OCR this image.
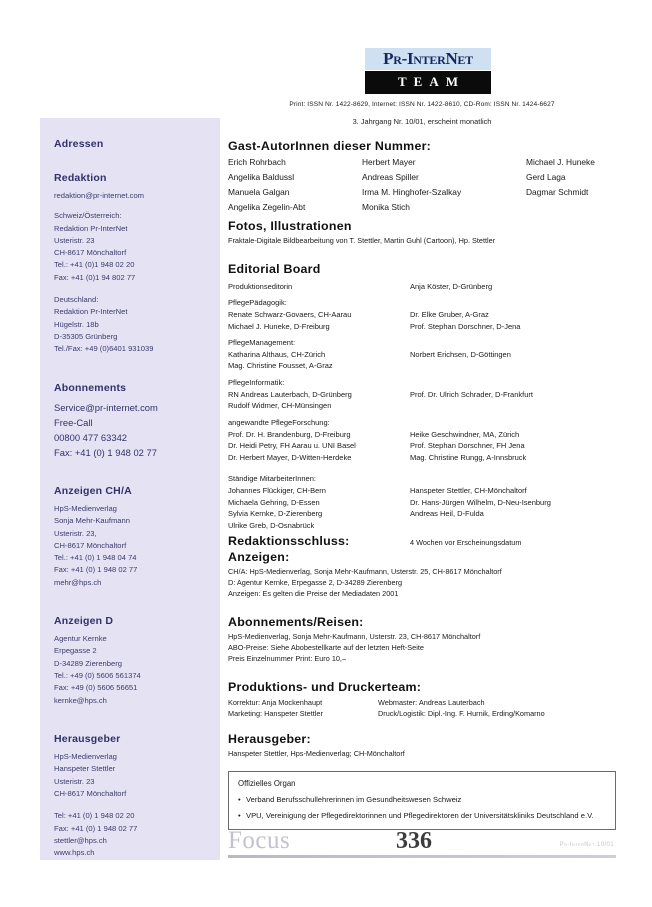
Adressen
Redaktion
redaktion@pr-internet.com
Schweiz/Österreich:
Redaktion Pr-InterNet
Usteristr. 23
CH-8617 Mönchaltorf
Tel.: +41 (0)1 948 02 20
Fax: +41 (0)1 94 802 77
Deutschland:
Redaktion Pr-InterNet
Hügelstr. 18b
D-35305 Grünberg
Tel./Fax: +49 (0)6401 931039
Abonnements
Service@pr-internet.com
Free-Call
00800 477 63342
Fax: +41 (0) 1 948 02 77
Anzeigen CH/A
HpS-Medienverlag
Sonja Mehr-Kaufmann
Usteristr. 23,
CH-8617 Mönchaltorf
Tel.: +41 (0) 1 948 04 74
Fax: +41 (0) 1 948 02 77
mehr@hps.ch
Anzeigen D
Agentur Kernke
Erpegasse 2
D-34289 Zierenberg
Tel.: +49 (0) 5606 561374
Fax: +49 (0) 5606 56651
kernke@hps.ch
Herausgeber
HpS-Medienverlag
Hanspeter Stettler
Usteristr. 23
CH-8617 Mönchaltorf
Tel: +41 (0) 1 948 02 20
Fax: +41 (0) 1 948 02 77
stettler@hps.ch
www.hps.ch
Pr-InterNet
TEAM
Print: ISSN Nr. 1422-8629, Internet: ISSN Nr. 1422-8610, CD-Rom: ISSN Nr. 1424-6627
3. Jahrgang Nr. 10/01, erscheint monatlich
Gast-AutorInnen dieser Nummer:
Erich Rohrbach	Herbert Mayer	Michael J. Huneke
Angelika Baldussl	Andreas Spiller	Gerd Laga
Manuela Galgan	Irma M. Hinghofer-Szalkay	Dagmar Schmidt
Angelika Zegelin-Abt	Monika Stich
Fotos, Illustrationen
Fraktale-Digitale Bildbearbeitung von T. Stettler, Martin Guhl (Cartoon), Hp. Stettler
Editorial Board
Produktionseditorin	Anja Köster, D-Grünberg
PflegePädagogik:
Renate Schwarz-Govaers, CH-Aarau	Dr. Elke Gruber, A-Graz
Michael J. Huneke, D-Freiburg	Prof. Stephan Dorschner, D-Jena
PflegeManagement:
Katharina Althaus, CH-Zürich	Norbert Erichsen, D-Göttingen
Mag. Christine Fousset, A-Graz
PflegeInformatik:
RN Andreas Lauterbach, D-Grünberg	Prof. Dr. Ulrich Schrader, D-Frankfurt
Rudolf Widmer, CH-Münsingen
angewandte PflegeForschung:
Prof. Dr. H. Brandenburg, D-Freiburg	Heike Geschwindner, MA, Zürich
Dr. Heidi Petry, FH Aarau u. UNI Basel	Prof. Stephan Dorschner, FH Jena
Dr. Herbert Mayer, D-Witten-Herdeke	Mag. Christine Rungg, A-Innsbruck
Ständige MitarbeiterInnen:
Johannes Flückiger, CH-Bern	Hanspeter Stettler, CH-Mönchaltorf
Michaela Gehring, D-Essen	Dr. Hans-Jürgen Wilhelm, D-Neu-Isenburg
Sylvia Kernke, D-Zierenberg	Andreas Heil, D-Fulda
Ulrike Greb, D-Osnabrück
Redaktionsschluss:	4 Wochen vor Erscheinungsdatum
Anzeigen:
CH/A: HpS-Medienverlag, Sonja Mehr-Kaufmann, Usterstr. 25, CH-8617 Mönchaltorf
D: Agentur Kernke, Erpegasse 2, D-34289 Zierenberg
Anzeigen: Es gelten die Preise der Mediadaten 2001
Abonnements/Reisen:
HpS-Medienverlag, Sonja Mehr-Kaufmann, Usterstr. 23, CH-8617 Mönchaltorf
ABO-Preise: Siehe Abobestellkarte auf der letzten Heft-Seite
Preis Einzelnummer Print: Euro 10,–
Produktions- und Druckerteam:
Korrektur: Anja Mockenhaupt	Webmaster: Andreas Lauterbach
Marketing: Hanspeter Stettler	Druck/Logistik: Dipl.-Ing. F. Hurnik, Erding/Komarno
Herausgeber:
Hanspeter Stettler, Hps-Medienverlag; CH-Mönchaltorf
Offizielles Organ
• Verband Berufsschullehrerinnen im Gesundheitswesen Schweiz
• VPU, Vereinigung der Pflegedirektorinnen und Pflegedirektoren der Universitätskliniks Deutschland e.V.
Focus	336	Pr-InterNet 10/01
